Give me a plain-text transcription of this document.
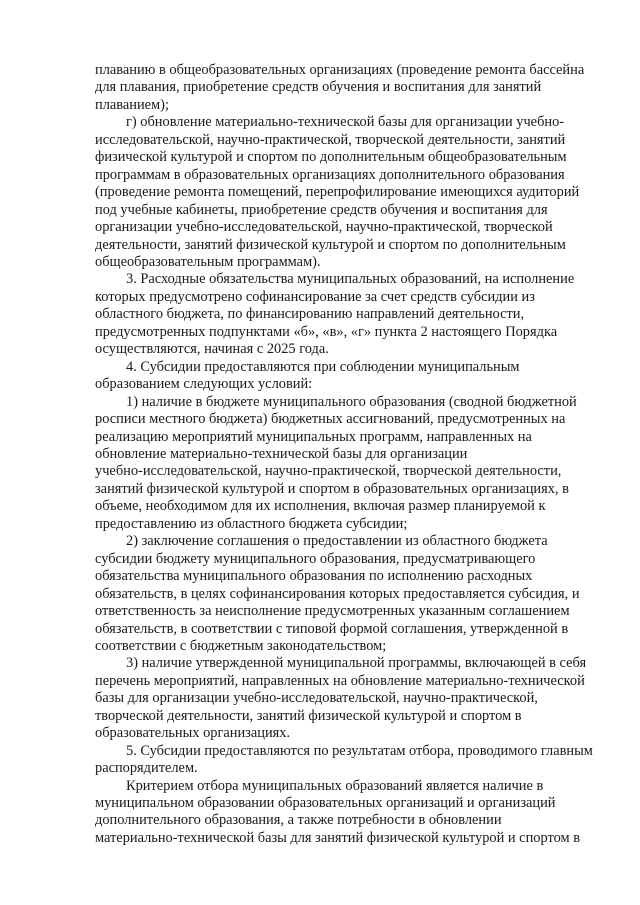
плаванию в общеобразовательных организациях (проведение ремонта бассейна
для плавания, приобретение средств обучения и воспитания для занятий
плаванием);
г) обновление материально-технической базы для организации учебно-
исследовательской, научно-практической, творческой деятельности, занятий
физической культурой и спортом по дополнительным общеобразовательным
программам в образовательных организациях дополнительного образования
(проведение ремонта помещений, перепрофилирование имеющихся аудиторий
под учебные кабинеты, приобретение средств обучения и воспитания для
организации учебно-исследовательской, научно-практической, творческой
деятельности, занятий физической культурой и спортом по дополнительным
общеобразовательным программам).
3. Расходные обязательства муниципальных образований, на исполнение
которых предусмотрено софинансирование за счет средств субсидии из
областного бюджета, по финансированию направлений деятельности,
предусмотренных подпунктами «б», «в», «г» пункта 2 настоящего Порядка
осуществляются, начиная с 2025 года.
4. Субсидии предоставляются при соблюдении муниципальным
образованием следующих условий:
1) наличие в бюджете муниципального образования (сводной бюджетной
росписи местного бюджета) бюджетных ассигнований, предусмотренных на
реализацию мероприятий муниципальных программ, направленных на
обновление материально-технической базы для организации
учебно-исследовательской, научно-практической, творческой деятельности,
занятий физической культурой и спортом в образовательных организациях, в
объеме, необходимом для их исполнения, включая размер планируемой к
предоставлению из областного бюджета субсидии;
2) заключение соглашения о предоставлении из областного бюджета
субсидии бюджету муниципального образования, предусматривающего
обязательства муниципального образования по исполнению расходных
обязательств, в целях софинансирования которых предоставляется субсидия, и
ответственность за неисполнение предусмотренных указанным соглашением
обязательств, в соответствии с типовой формой соглашения, утвержденной в
соответствии с бюджетным законодательством;
3) наличие утвержденной муниципальной программы, включающей в себя
перечень мероприятий, направленных на обновление материально-технической
базы для организации учебно-исследовательской, научно-практической,
творческой деятельности, занятий физической культурой и спортом в
образовательных организациях.
5. Субсидии предоставляются по результатам отбора, проводимого главным
распорядителем.
Критерием отбора муниципальных образований является наличие в
муниципальном образовании образовательных организаций и организаций
дополнительного образования, а также потребности в обновлении
материально-технической базы для занятий физической культурой и спортом в
